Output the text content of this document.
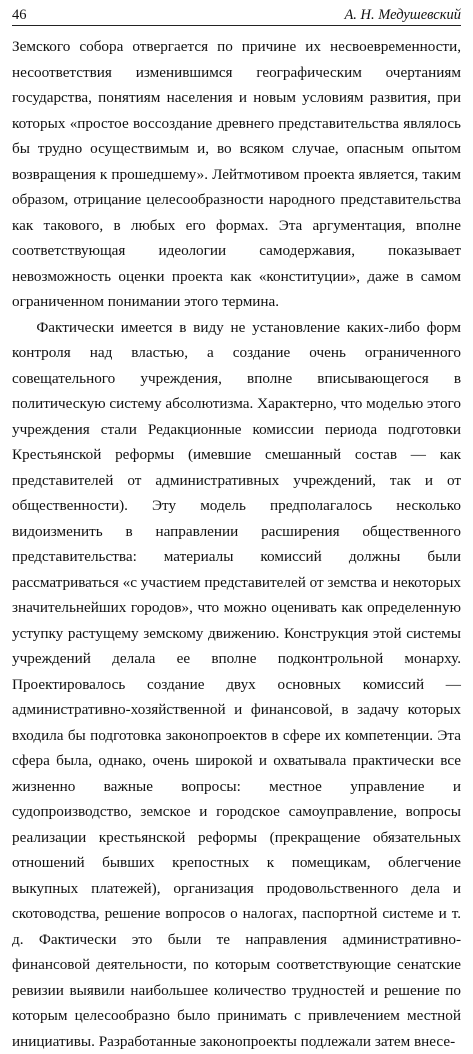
46	А. Н. Медушевский

Земского собора отвергается по причине их несвоевременности, несоответствия изменившимся географическим очертаниям государства, понятиям населения и новым условиям развития, при которых «простое воссоздание древнего представительства являлось бы трудно осуществимым и, во всяком случае, опасным опытом возвращения к прошедшему». Лейтмотивом проекта является, таким образом, отрицание целесообразности народного представительства как такового, в любых его формах. Эта аргументация, вполне соответствующая идеологии самодержавия, показывает невозможность оценки проекта как «конституции», даже в самом ограниченном понимании этого термина.

Фактически имеется в виду не установление каких-либо форм контроля над властью, а создание очень ограниченного совещательного учреждения, вполне вписывающегося в политическую систему абсолютизма. Характерно, что моделью этого учреждения стали Редакционные комиссии периода подготовки Крестьянской реформы (имевшие смешанный состав — как представителей от административных учреждений, так и от общественности). Эту модель предполагалось несколько видоизменить в направлении расширения общественного представительства: материалы комиссий должны были рассматриваться «с участием представителей от земства и некоторых значительнейших городов», что можно оценивать как определенную уступку растущему земскому движению. Конструкция этой системы учреждений делала ее вполне подконтрольной монарху. Проектировалось создание двух основных комиссий — административно-хозяйственной и финансовой, в задачу которых входила бы подготовка законопроектов в сфере их компетенции. Эта сфера была, однако, очень широкой и охватывала практически все жизненно важные вопросы: местное управление и судопроизводство, земское и городское самоуправление, вопросы реализации крестьянской реформы (прекращение обязательных отношений бывших крепостных к помещикам, облегчение выкупных платежей), организация продовольственного дела и скотоводства, решение вопросов о налогах, паспортной системе и т. д. Фактически это были те направления административно-финансовой деятельности, по которым соответствующие сенатские ревизии выявили наибольшее количество трудностей и решение по которым целесообразно было принимать с привлечением местной инициативы. Разработанные законопроекты подлежали затем внесе-
